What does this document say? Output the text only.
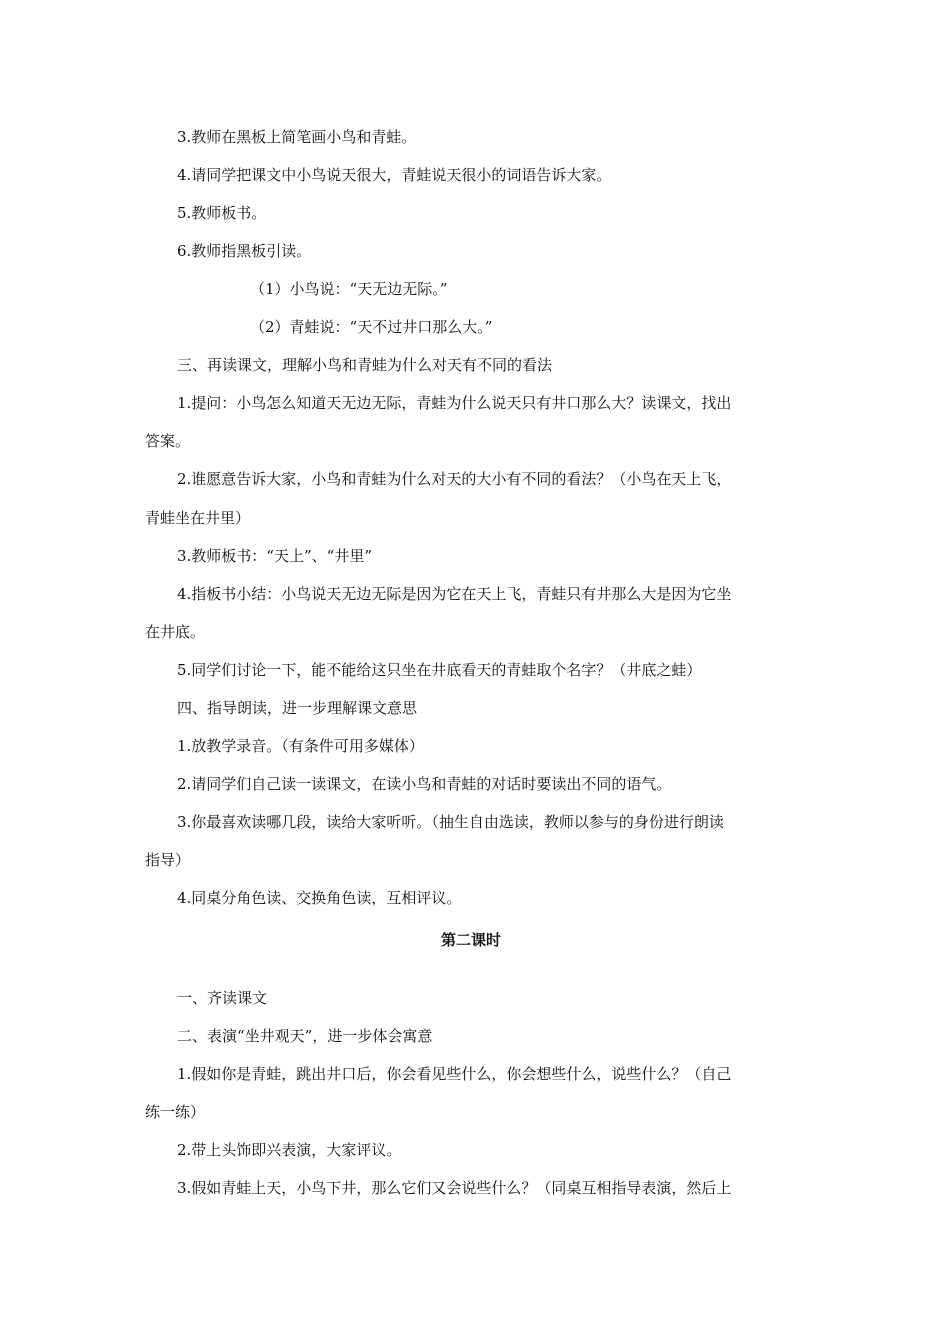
3.教师在黑板上简笔画小鸟和青蛙。
4.请同学把课文中小鸟说天很大，青蛙说天很小的词语告诉大家。
5.教师板书。
6.教师指黑板引读。
（1）小鸟说：“天无边无际。”
（2）青蛙说：“天不过井口那么大。”
三、再读课文，理解小鸟和青蛙为什么对天有不同的看法
1.提问：小鸟怎么知道天无边无际，青蛙为什么说天只有井口那么大？读课文，找出
答案。
2.谁愿意告诉大家，小鸟和青蛙为什么对天的大小有不同的看法？（小鸟在天上飞，
青蛙坐在井里）
3.教师板书：“天上”、“井里”
4.指板书小结：小鸟说天无边无际是因为它在天上飞，青蛙只有井那么大是因为它坐
在井底。
5.同学们讨论一下，能不能给这只坐在井底看天的青蛙取个名字？（井底之蛙）
四、指导朗读，进一步理解课文意思
1.放教学录音。（有条件可用多媒体）
2.请同学们自己读一读课文，在读小鸟和青蛙的对话时要读出不同的语气。
3.你最喜欢读哪几段，读给大家听听。（抽生自由选读，教师以参与的身份进行朗读
指导）
4.同桌分角色读、交换角色读，互相评议。
第二课时
一、齐读课文
二、表演“坐井观天”，进一步体会寓意
1.假如你是青蛙，跳出井口后，你会看见些什么，你会想些什么，说些什么？（自己
练一练）
2.带上头饰即兴表演，大家评议。
3.假如青蛙上天，小鸟下井，那么它们又会说些什么？（同桌互相指导表演，然后上
